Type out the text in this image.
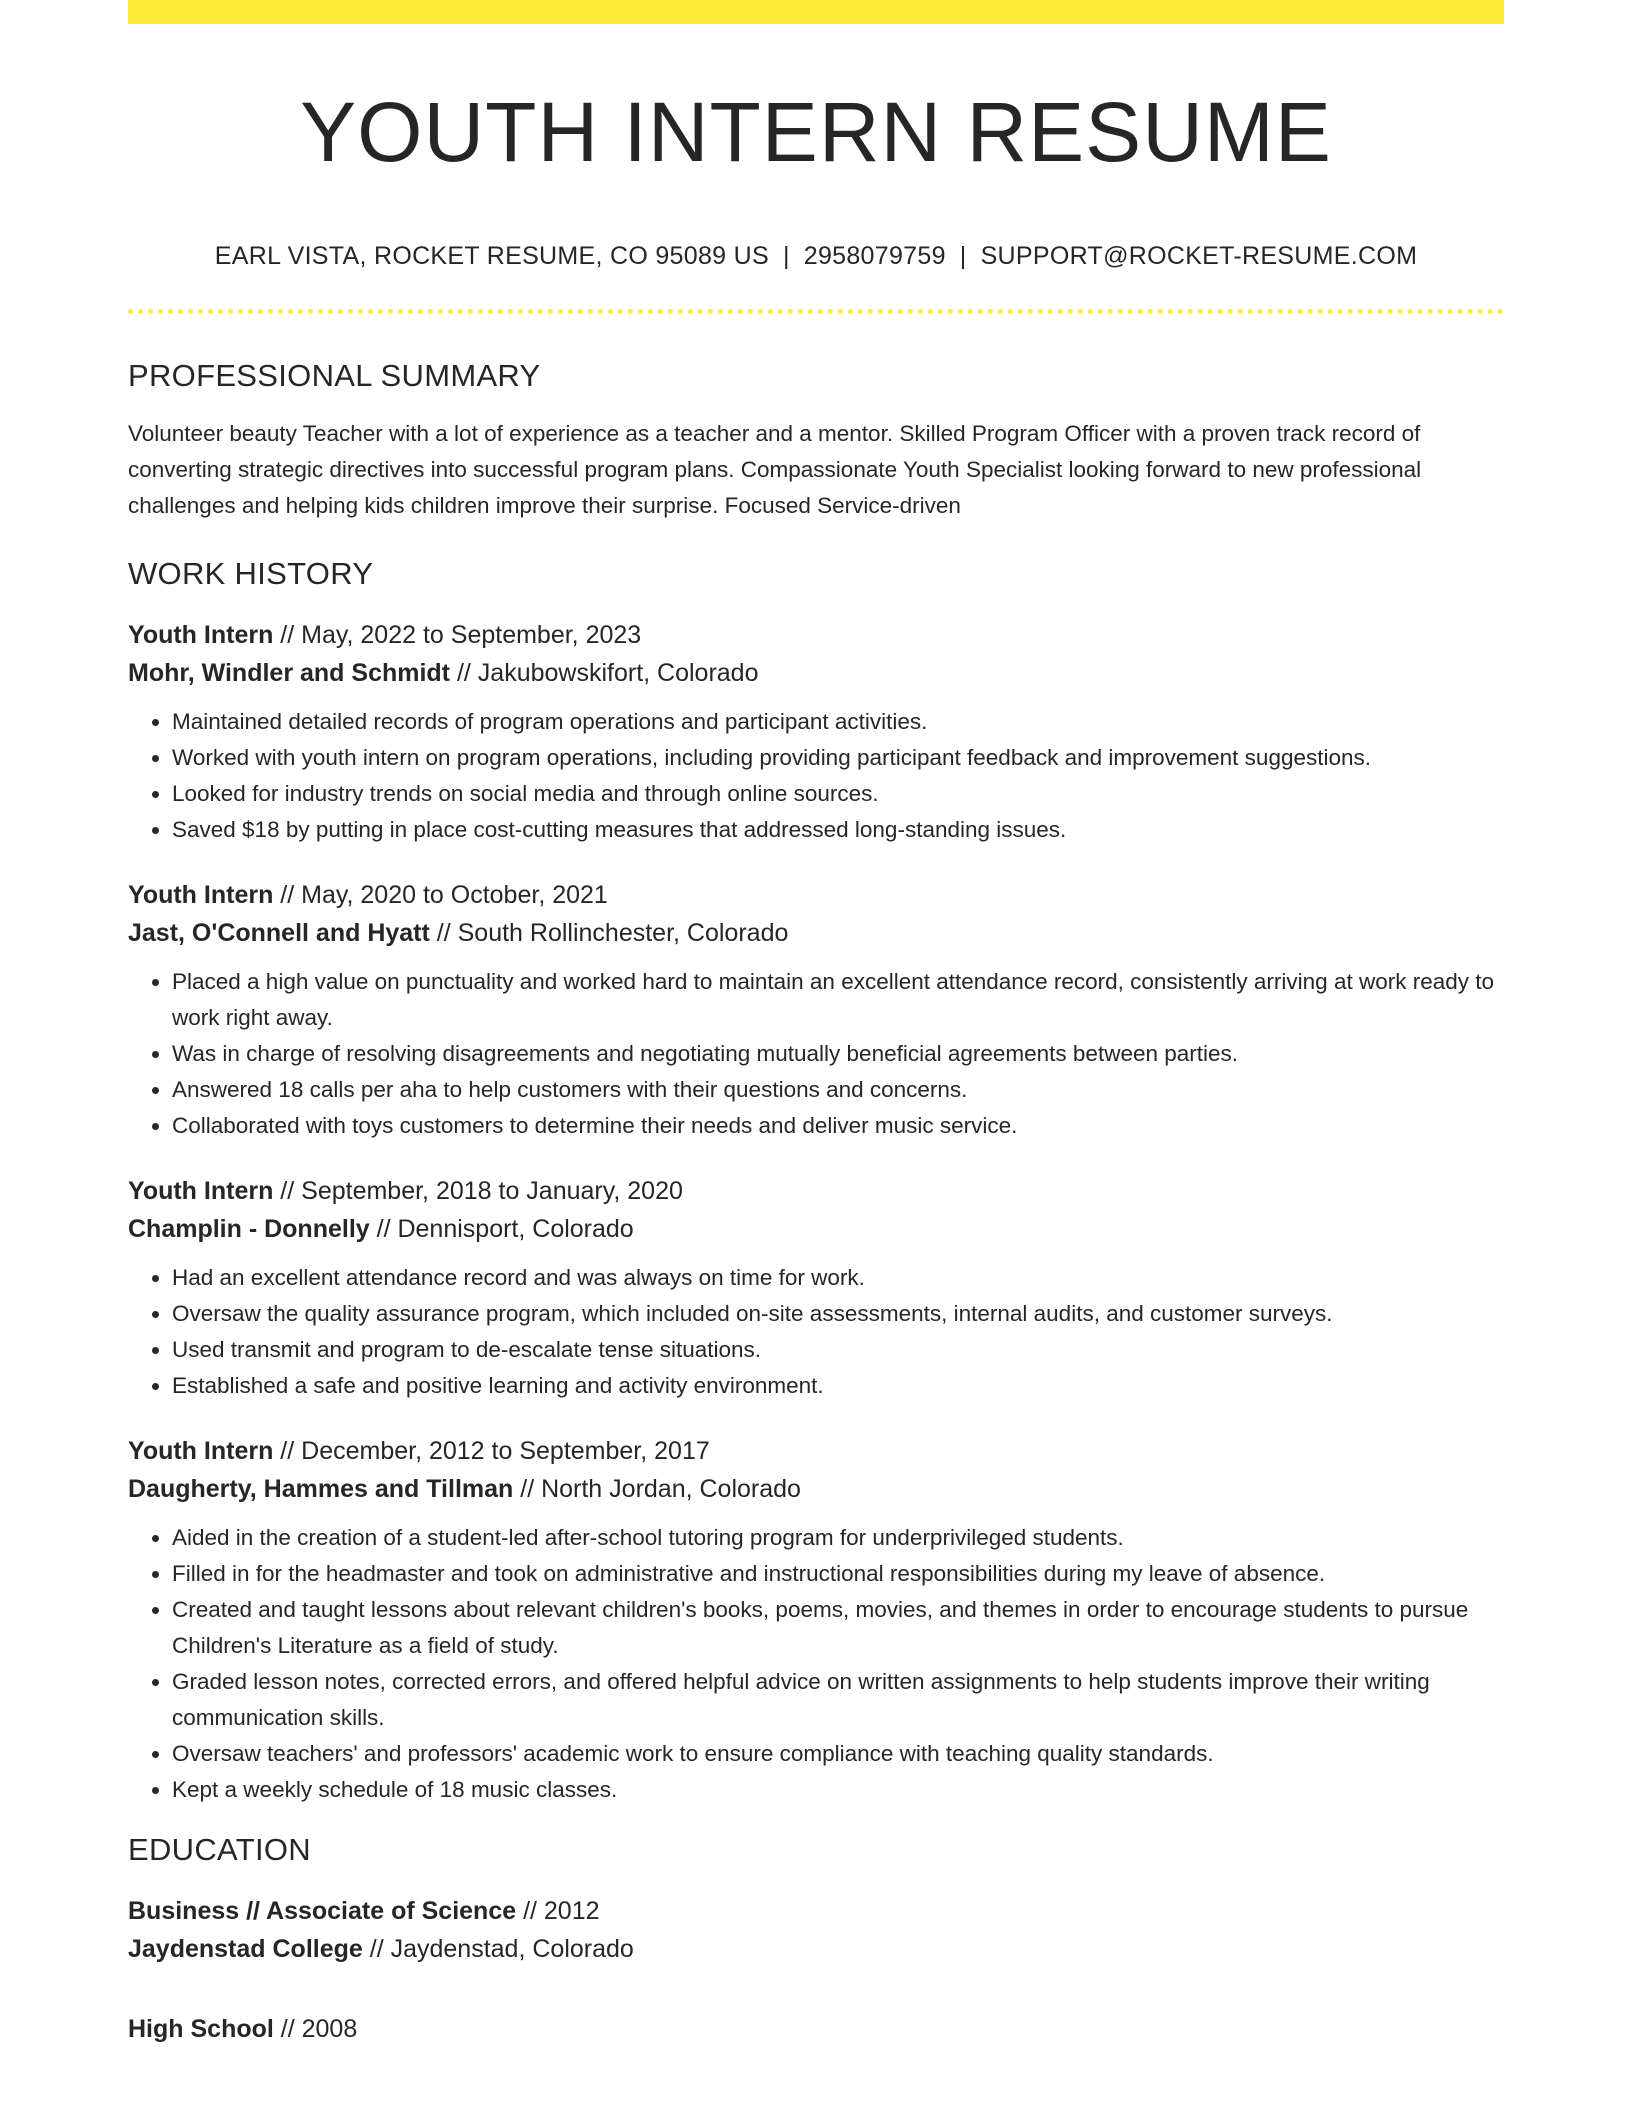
YOUTH INTERN RESUME
EARL VISTA, ROCKET RESUME, CO 95089 US | 2958079759 | SUPPORT@ROCKET-RESUME.COM
PROFESSIONAL SUMMARY

Volunteer beauty Teacher with a lot of experience as a teacher and a mentor. Skilled Program Officer with a proven track record of converting strategic directives into successful program plans. Compassionate Youth Specialist looking forward to new professional challenges and helping kids children improve their surprise. Focused Service-driven

WORK HISTORY
Youth Intern // May, 2022 to September, 2023
Mohr, Windler and Schmidt // Jakubowskifort, Colorado
• Maintained detailed records of program operations and participant activities.
• Worked with youth intern on program operations, including providing participant feedback and improvement suggestions.
• Looked for industry trends on social media and through online sources.
• Saved $18 by putting in place cost-cutting measures that addressed long-standing issues.
Youth Intern // May, 2020 to October, 2021
Jast, O'Connell and Hyatt // South Rollinchester, Colorado
• Placed a high value on punctuality and worked hard to maintain an excellent attendance record, consistently arriving at work ready to work right away.
• Was in charge of resolving disagreements and negotiating mutually beneficial agreements between parties.
• Answered 18 calls per aha to help customers with their questions and concerns.
• Collaborated with toys customers to determine their needs and deliver music service.
Youth Intern // September, 2018 to January, 2020
Champlin - Donnelly // Dennisport, Colorado
• Had an excellent attendance record and was always on time for work.
• Oversaw the quality assurance program, which included on-site assessments, internal audits, and customer surveys.
• Used transmit and program to de-escalate tense situations.
• Established a safe and positive learning and activity environment.
Youth Intern // December, 2012 to September, 2017
Daugherty, Hammes and Tillman // North Jordan, Colorado
• Aided in the creation of a student-led after-school tutoring program for underprivileged students.
• Filled in for the headmaster and took on administrative and instructional responsibilities during my leave of absence.
• Created and taught lessons about relevant children's books, poems, movies, and themes in order to encourage students to pursue Children's Literature as a field of study.
• Graded lesson notes, corrected errors, and offered helpful advice on written assignments to help students improve their writing communication skills.
• Oversaw teachers' and professors' academic work to ensure compliance with teaching quality standards.
• Kept a weekly schedule of 18 music classes.
EDUCATION
Business // Associate of Science // 2012
Jaydenstad College // Jaydenstad, Colorado
High School // 2008
